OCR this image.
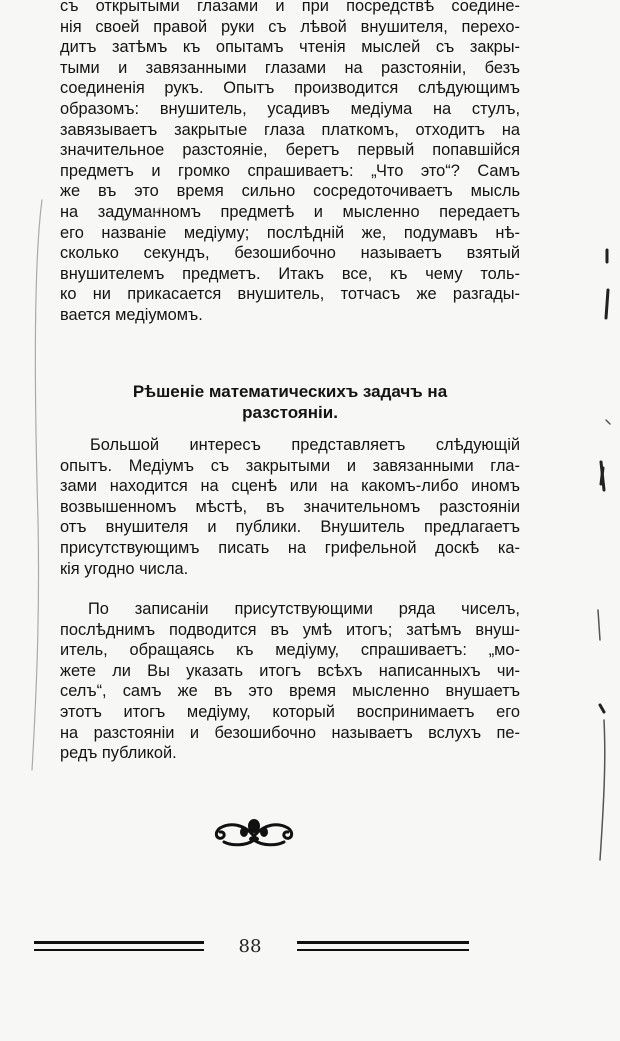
съ открытыми глазами и при посредствѣ соедине-
нія своей правой руки съ лѣвой внушителя, перехо-
дитъ затѣмъ къ опытамъ чтенія мыслей съ закры-
тыми и завязанными глазами на разстояніи, безъ
соединенія рукъ. Опытъ производится слѣдующимъ
образомъ: внушитель, усадивъ медіума на стулъ,
завязываетъ закрытые глаза платкомъ, отходитъ на
значительное разстояніе, беретъ первый попавшійся
предметъ и громко спрашиваетъ: „Что это“? Самъ
же въ это время сильно сосредоточиваетъ мысль
на задуманномъ предметѣ и мысленно передаетъ
его названіе медіуму; послѣдній же, подумавъ нѣ-
сколько секундъ, безошибочно называетъ взятый
внушителемъ предметъ. Итакъ все, къ чему толь-
ко ни прикасается внушитель, тотчасъ же разгады-
вается медіумомъ.
Рѣшеніе математическихъ задачъ на
разстояніи.
Большой интересъ представляетъ слѣдующій
опытъ. Медіумъ съ закрытыми и завязанными гла-
зами находится на сценѣ или на какомъ-либо иномъ
возвышенномъ мѣстѣ, въ значительномъ разстояніи
отъ внушителя и публики. Внушитель предлагаетъ
присутствующимъ писать на грифельной доскѣ ка-
кія угодно числа.
По записаніи присутствующими ряда чиселъ,
послѣднимъ подводится въ умѣ итогъ; затѣмъ внуш-
итель, обращаясь къ медіуму, спрашиваетъ: „мо-
жете ли Вы указать итогъ всѣхъ написанныхъ чи-
селъ“, самъ же въ это время мысленно внушаетъ
этотъ итогъ медіуму, который воспринимаетъ его
на разстояніи и безошибочно называетъ вслухъ пе-
редъ публикой.
88
